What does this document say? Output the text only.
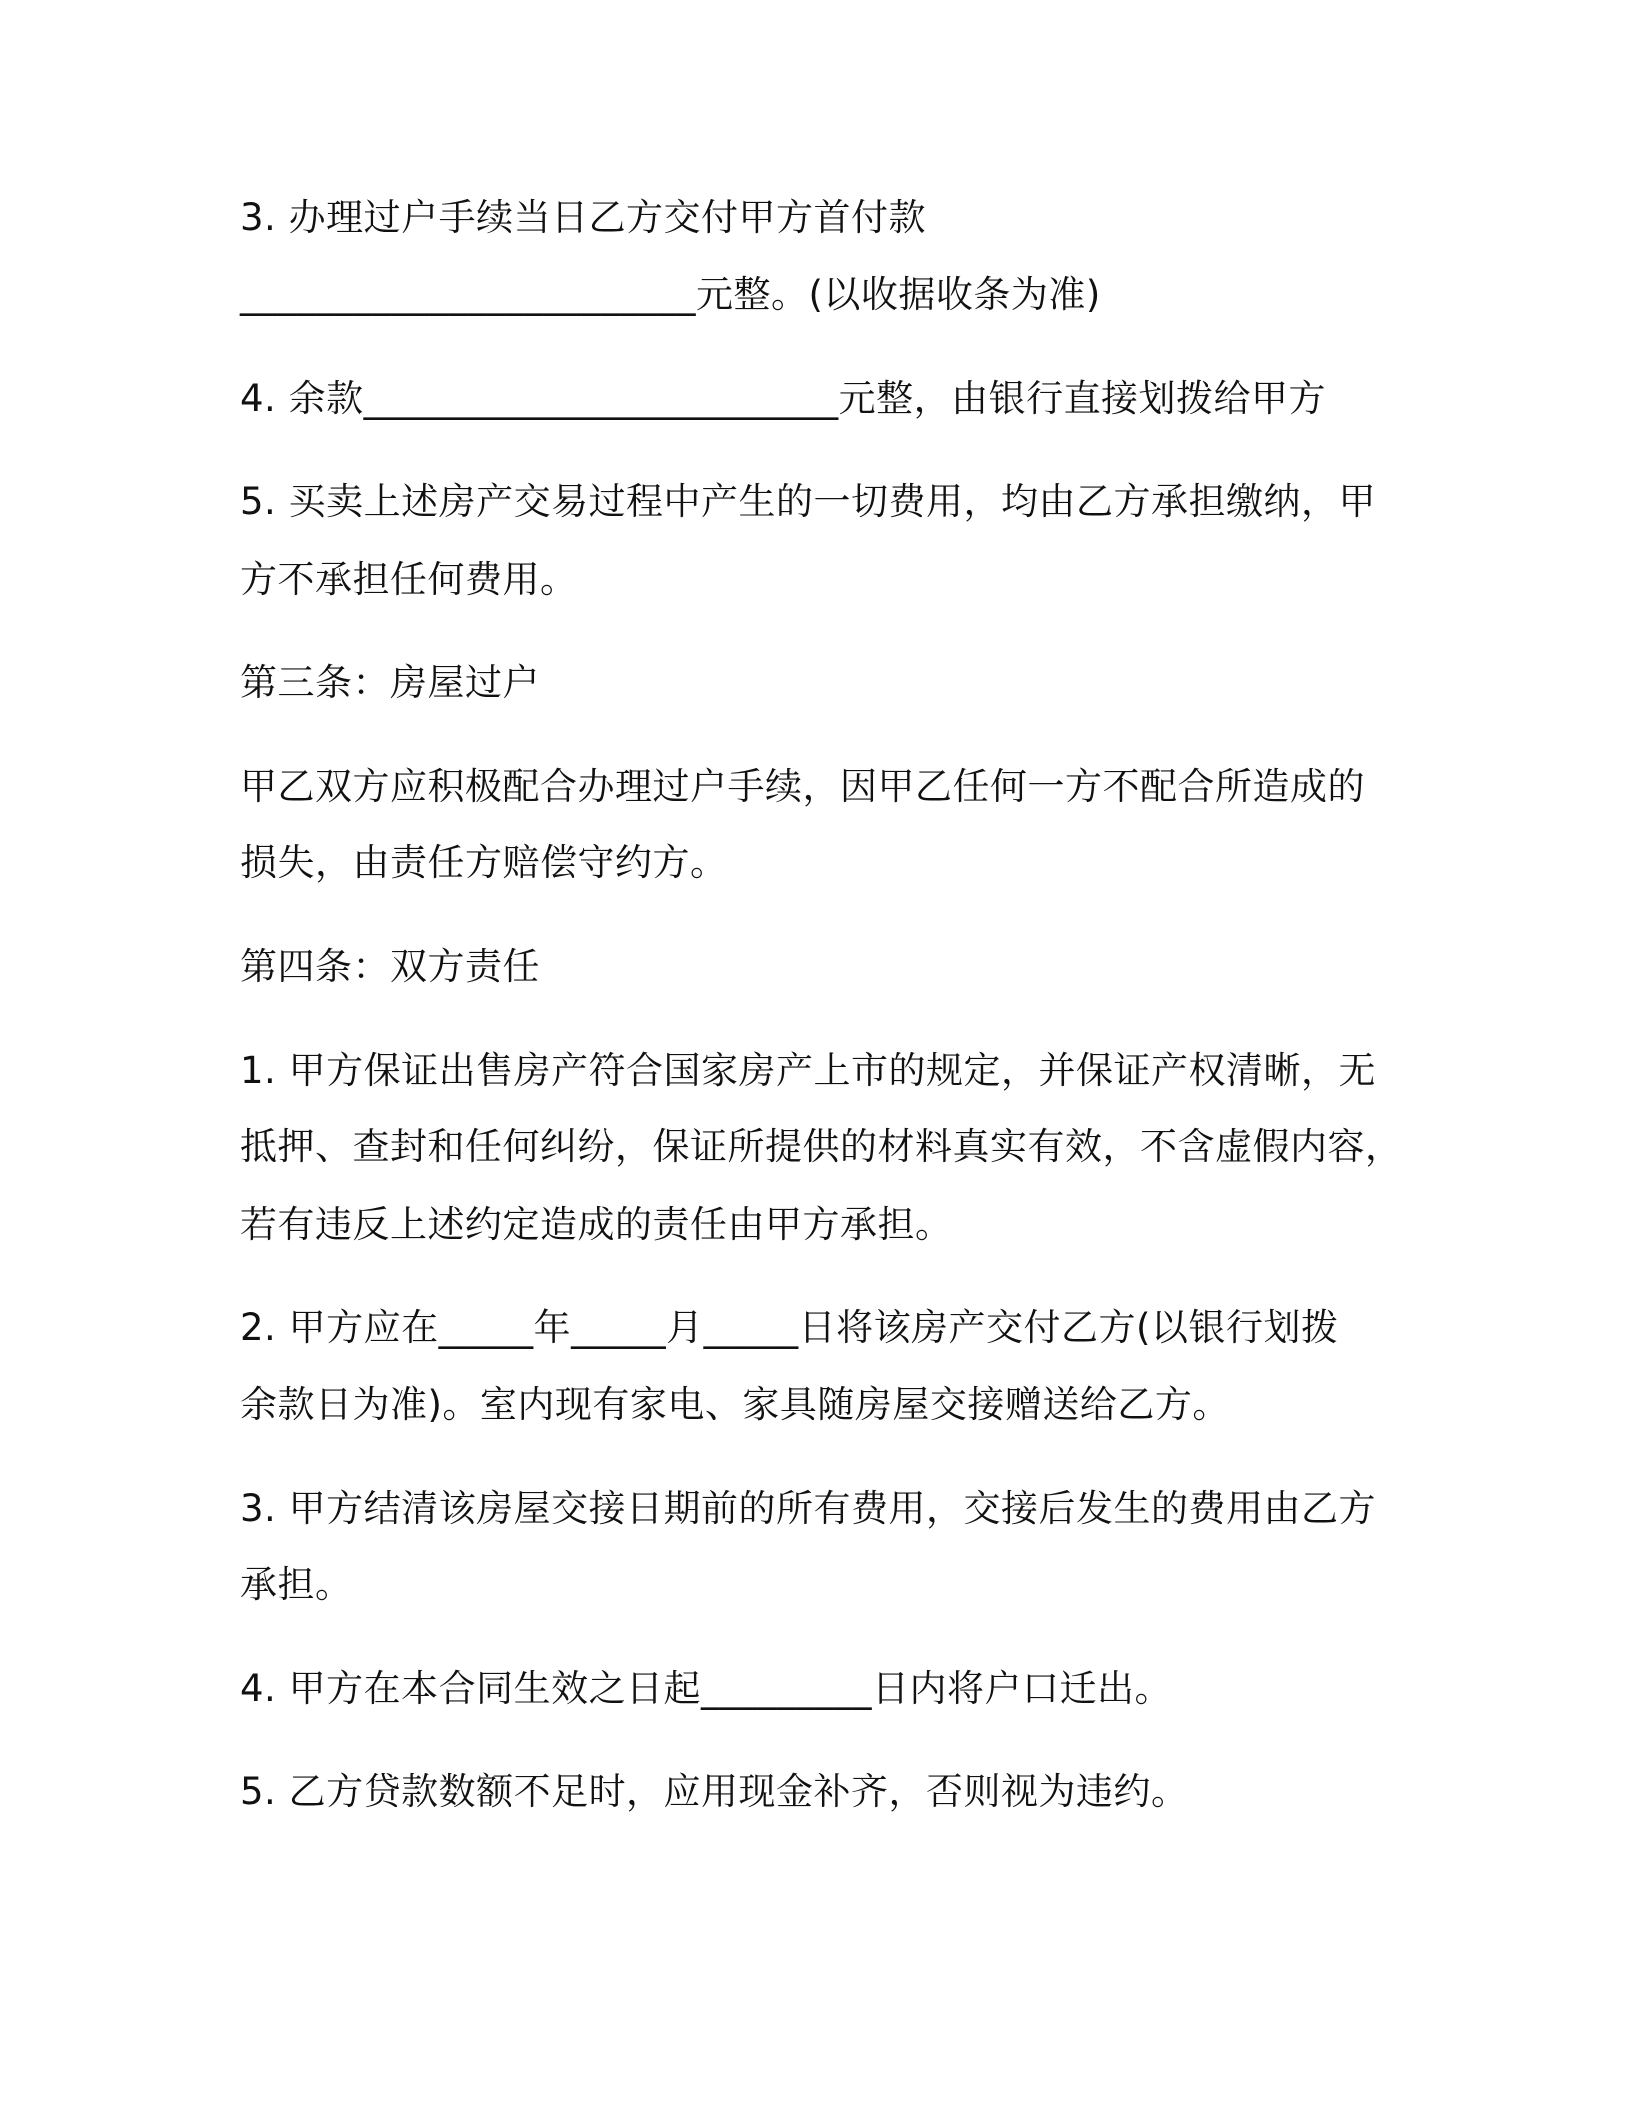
3. 办理过户手续当日乙方交付甲方首付款
________________________元整。(以收据收条为准)
4. 余款_________________________元整，由银行直接划拨给甲方
5. 买卖上述房产交易过程中产生的一切费用，均由乙方承担缴纳，甲
方不承担任何费用。
第三条：房屋过户
甲乙双方应积极配合办理过户手续，因甲乙任何一方不配合所造成的
损失，由责任方赔偿守约方。
第四条：双方责任
1. 甲方保证出售房产符合国家房产上市的规定，并保证产权清晰，无
抵押、查封和任何纠纷，保证所提供的材料真实有效，不含虚假内容，
若有违反上述约定造成的责任由甲方承担。
2. 甲方应在_____年_____月_____日将该房产交付乙方(以银行划拨
余款日为准)。室内现有家电、家具随房屋交接赠送给乙方。
3. 甲方结清该房屋交接日期前的所有费用，交接后发生的费用由乙方
承担。
4. 甲方在本合同生效之日起_________日内将户口迁出。
5. 乙方贷款数额不足时，应用现金补齐，否则视为违约。
